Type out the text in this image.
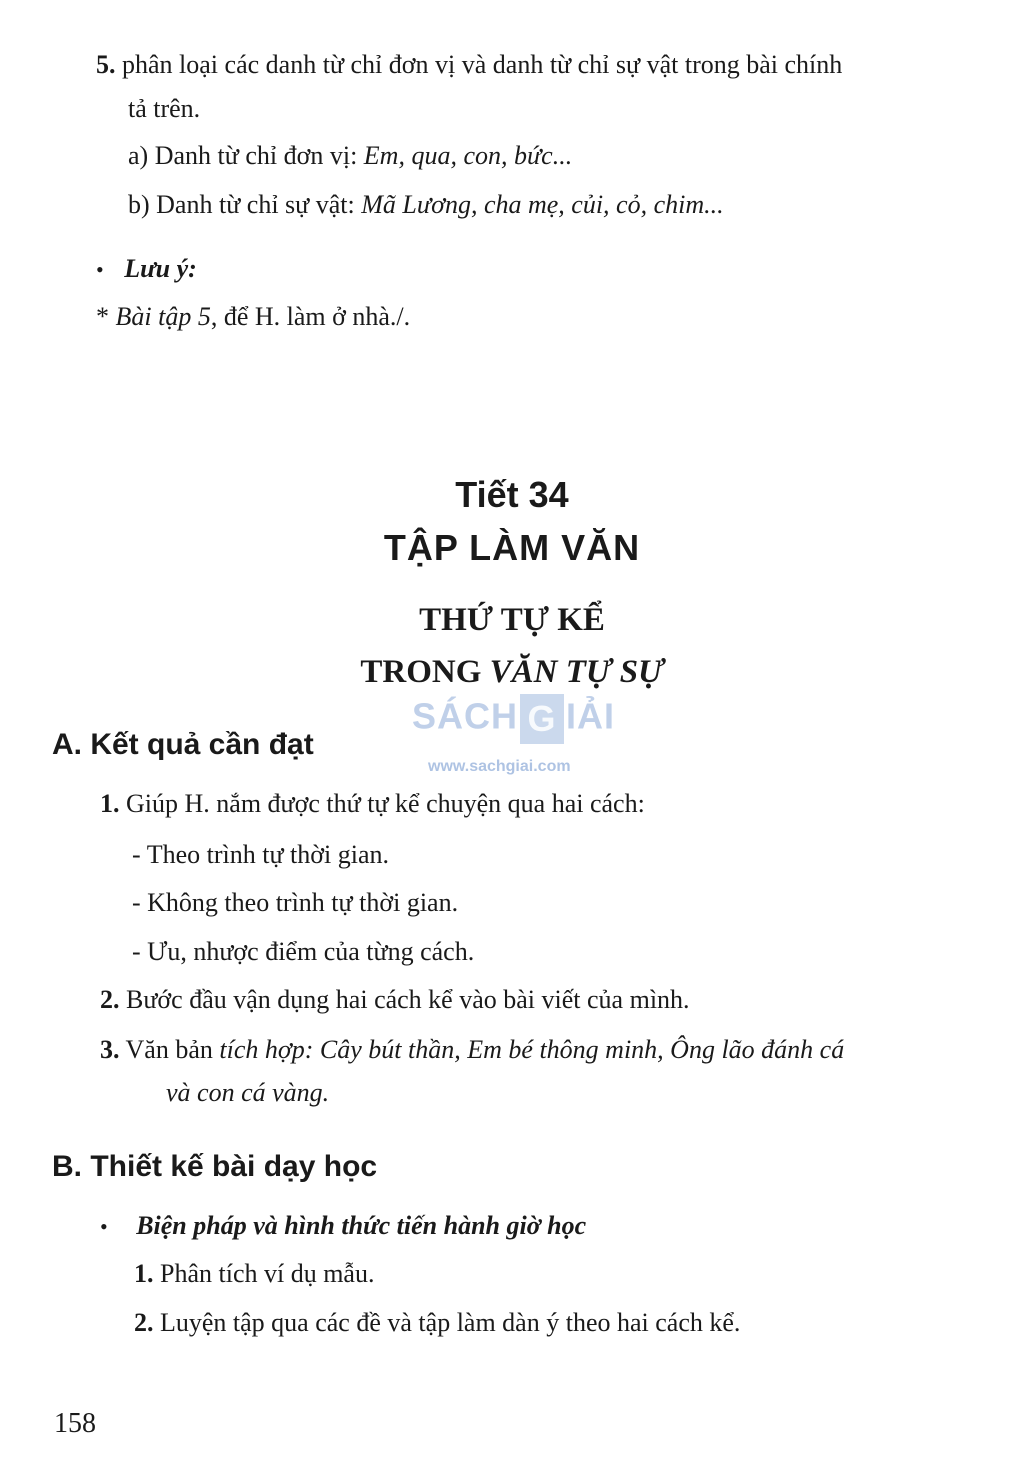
5. phân loại các danh từ chỉ đơn vị và danh từ chỉ sự vật trong bài chính
tả trên.
a) Danh từ chỉ đơn vị: Em, qua, con, bức...
b) Danh từ chỉ sự vật: Mã Lương, cha mẹ, củi, cỏ, chim...
• Lưu ý:
* Bài tập 5, để H. làm ở nhà./.
Tiết 34
TẬP LÀM VĂN
THỨ TỰ KỂ
TRONG VĂN TỰ SỰ
SÁCH G IẢI
www.sachgiai.com
A. Kết quả cần đạt
1. Giúp H. nắm được thứ tự kể chuyện qua hai cách:
- Theo trình tự thời gian.
- Không theo trình tự thời gian.
- Ưu, nhược điểm của từng cách.
2. Bước đầu vận dụng hai cách kể vào bài viết của mình.
3. Văn bản tích hợp: Cây bút thần, Em bé thông minh, Ông lão đánh cá
và con cá vàng.
B. Thiết kế bài dạy học
• Biện pháp và hình thức tiến hành giờ học
1. Phân tích ví dụ mẫu.
2. Luyện tập qua các đề và tập làm dàn ý theo hai cách kể.
158
